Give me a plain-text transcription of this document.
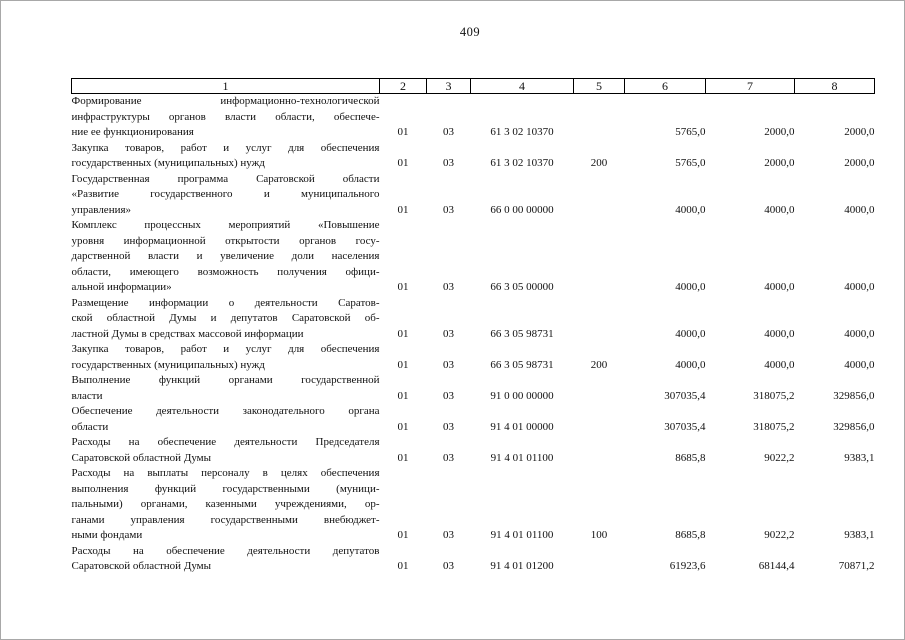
409
1	2	3	4	5	6	7	8

Формирование информационно-технологической
инфраструктуры органов власти области, обеспече-
ние ее функционирования	01	03	61 3 02 10370		5765,0	2000,0	2000,0

Закупка товаров, работ и услуг для обеспечения
государственных (муниципальных) нужд	01	03	61 3 02 10370	200	5765,0	2000,0	2000,0

Государственная программа Саратовской области
«Развитие государственного и муниципального
управления»	01	03	66 0 00 00000		4000,0	4000,0	4000,0

Комплекс процессных мероприятий «Повышение
уровня информационной открытости органов госу-
дарственной власти и увеличение доли населения
области, имеющего возможность получения офици-
альной информации»	01	03	66 3 05 00000		4000,0	4000,0	4000,0

Размещение информации о деятельности Саратов-
ской областной Думы и депутатов Саратовской об-
ластной Думы в средствах массовой информации	01	03	66 3 05 98731		4000,0	4000,0	4000,0

Закупка товаров, работ и услуг для обеспечения
государственных (муниципальных) нужд	01	03	66 3 05 98731	200	4000,0	4000,0	4000,0

Выполнение функций органами государственной
власти	01	03	91 0 00 00000		307035,4	318075,2	329856,0

Обеспечение деятельности законодательного органа
области	01	03	91 4 01 00000		307035,4	318075,2	329856,0

Расходы на обеспечение деятельности Председателя
Саратовской областной Думы	01	03	91 4 01 01100		8685,8	9022,2	9383,1

Расходы на выплаты персоналу в целях обеспечения
выполнения функций государственными (муници-
пальными) органами, казенными учреждениями, ор-
ганами управления государственными внебюджет-
ными фондами	01	03	91 4 01 01100	100	8685,8	9022,2	9383,1

Расходы на обеспечение деятельности депутатов
Саратовской областной Думы	01	03	91 4 01 01200		61923,6	68144,4	70871,2
